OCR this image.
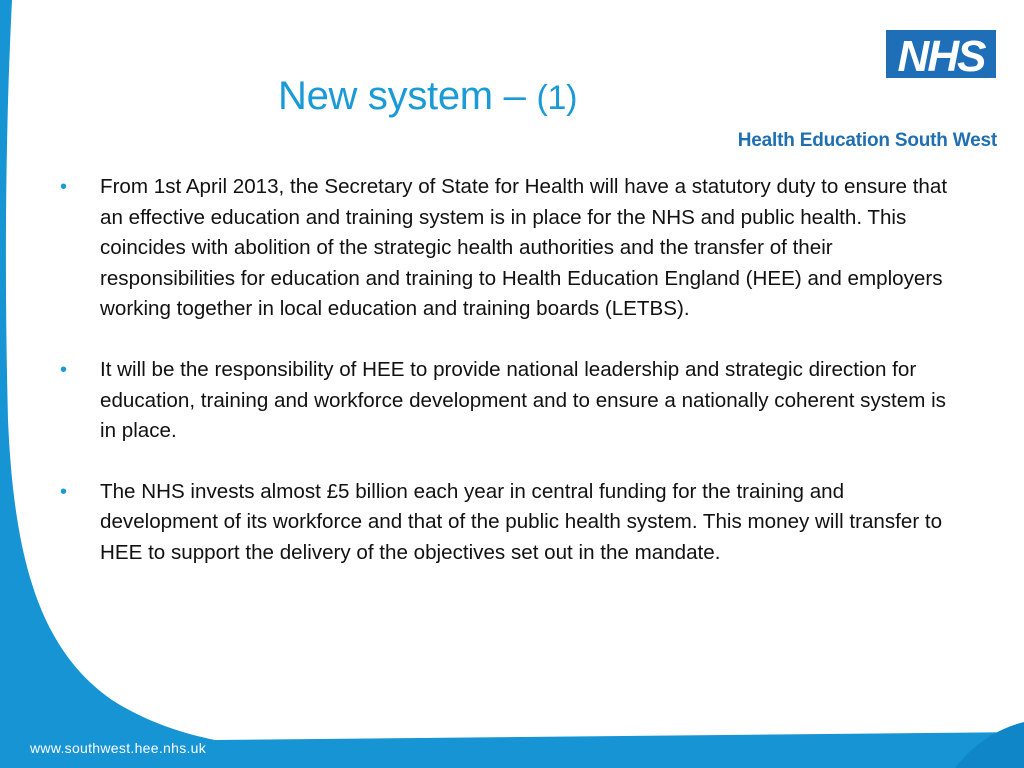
New system – (1)
NHS
Health Education South West
• From 1st April 2013, the Secretary of State for Health will have a statutory duty to ensure that an effective education and training system is in place for the NHS and public health. This coincides with abolition of the strategic health authorities and the transfer of their responsibilities for education and training to Health Education England (HEE) and employers working together in local education and training boards (LETBS).
• It will be the responsibility of HEE to provide national leadership and strategic direction for education, training and workforce development and to ensure a nationally coherent system is in place.
• The NHS invests almost £5 billion each year in central funding for the training and development of its workforce and that of the public health system. This money will transfer to HEE to support the delivery of the objectives set out in the mandate.
www.southwest.hee.nhs.uk
